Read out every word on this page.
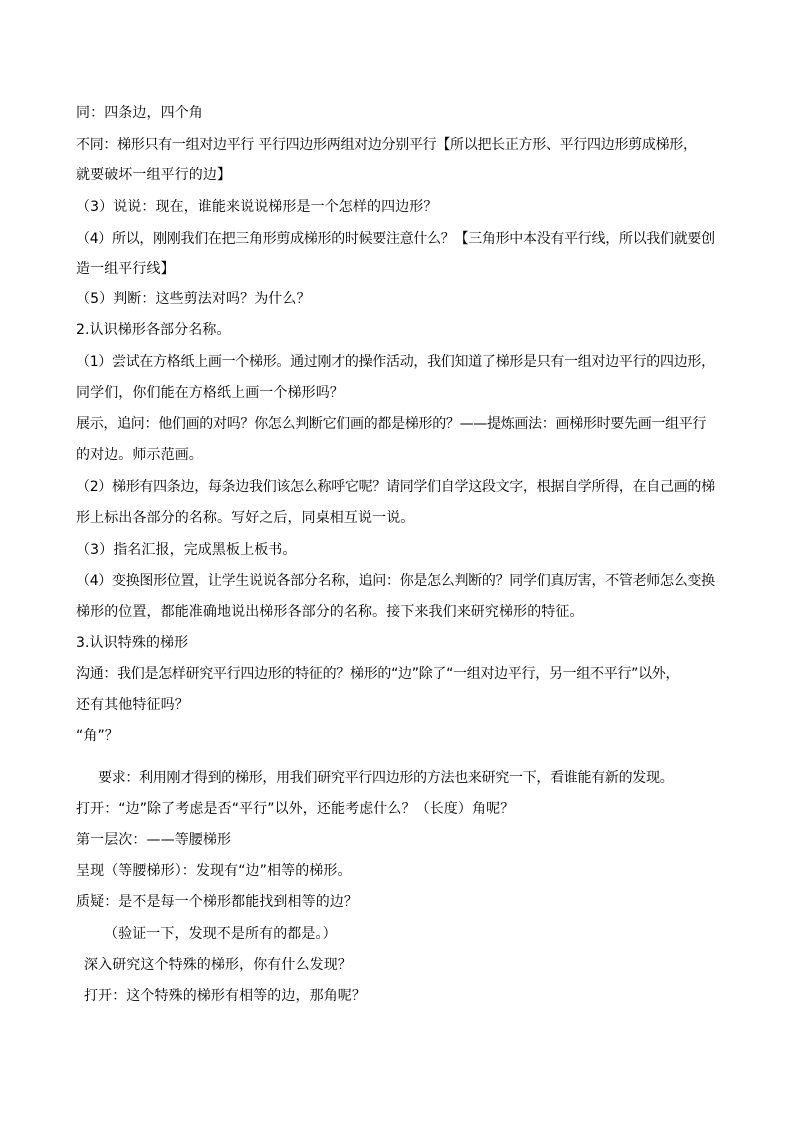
同：四条边，四个角
不同：梯形只有一组对边平行 平行四边形两组对边分别平行【所以把长正方形、平行四边形剪成梯形，
就要破坏一组平行的边】
（3）说说：现在，谁能来说说梯形是一个怎样的四边形？
（4）所以，刚刚我们在把三角形剪成梯形的时候要注意什么？【三角形中本没有平行线，所以我们就要创
造一组平行线】
（5）判断：这些剪法对吗？为什么？
2.认识梯形各部分名称。
（1）尝试在方格纸上画一个梯形。通过刚才的操作活动，我们知道了梯形是只有一组对边平行的四边形，
同学们，你们能在方格纸上画一个梯形吗？
展示，追问：他们画的对吗？你怎么判断它们画的都是梯形的？——提炼画法：画梯形时要先画一组平行
的对边。师示范画。
（2）梯形有四条边，每条边我们该怎么称呼它呢？请同学们自学这段文字，根据自学所得，在自己画的梯
形上标出各部分的名称。写好之后，同桌相互说一说。
（3）指名汇报，完成黑板上板书。
（4）变换图形位置，让学生说说各部分名称，追问：你是怎么判断的？同学们真厉害，不管老师怎么变换
梯形的位置，都能准确地说出梯形各部分的名称。接下来我们来研究梯形的特征。
3.认识特殊的梯形
沟通：我们是怎样研究平行四边形的特征的？梯形的“边”除了“一组对边平行，另一组不平行”以外，
还有其他特征吗？
“角”？
要求：利用刚才得到的梯形，用我们研究平行四边形的方法也来研究一下，看谁能有新的发现。
打开：“边”除了考虑是否“平行”以外，还能考虑什么？（长度）角呢？
第一层次：——等腰梯形
呈现（等腰梯形）：发现有“边”相等的梯形。
质疑：是不是每一个梯形都能找到相等的边？
（验证一下，发现不是所有的都是。）
深入研究这个特殊的梯形，你有什么发现？
打开：这个特殊的梯形有相等的边，那角呢？
